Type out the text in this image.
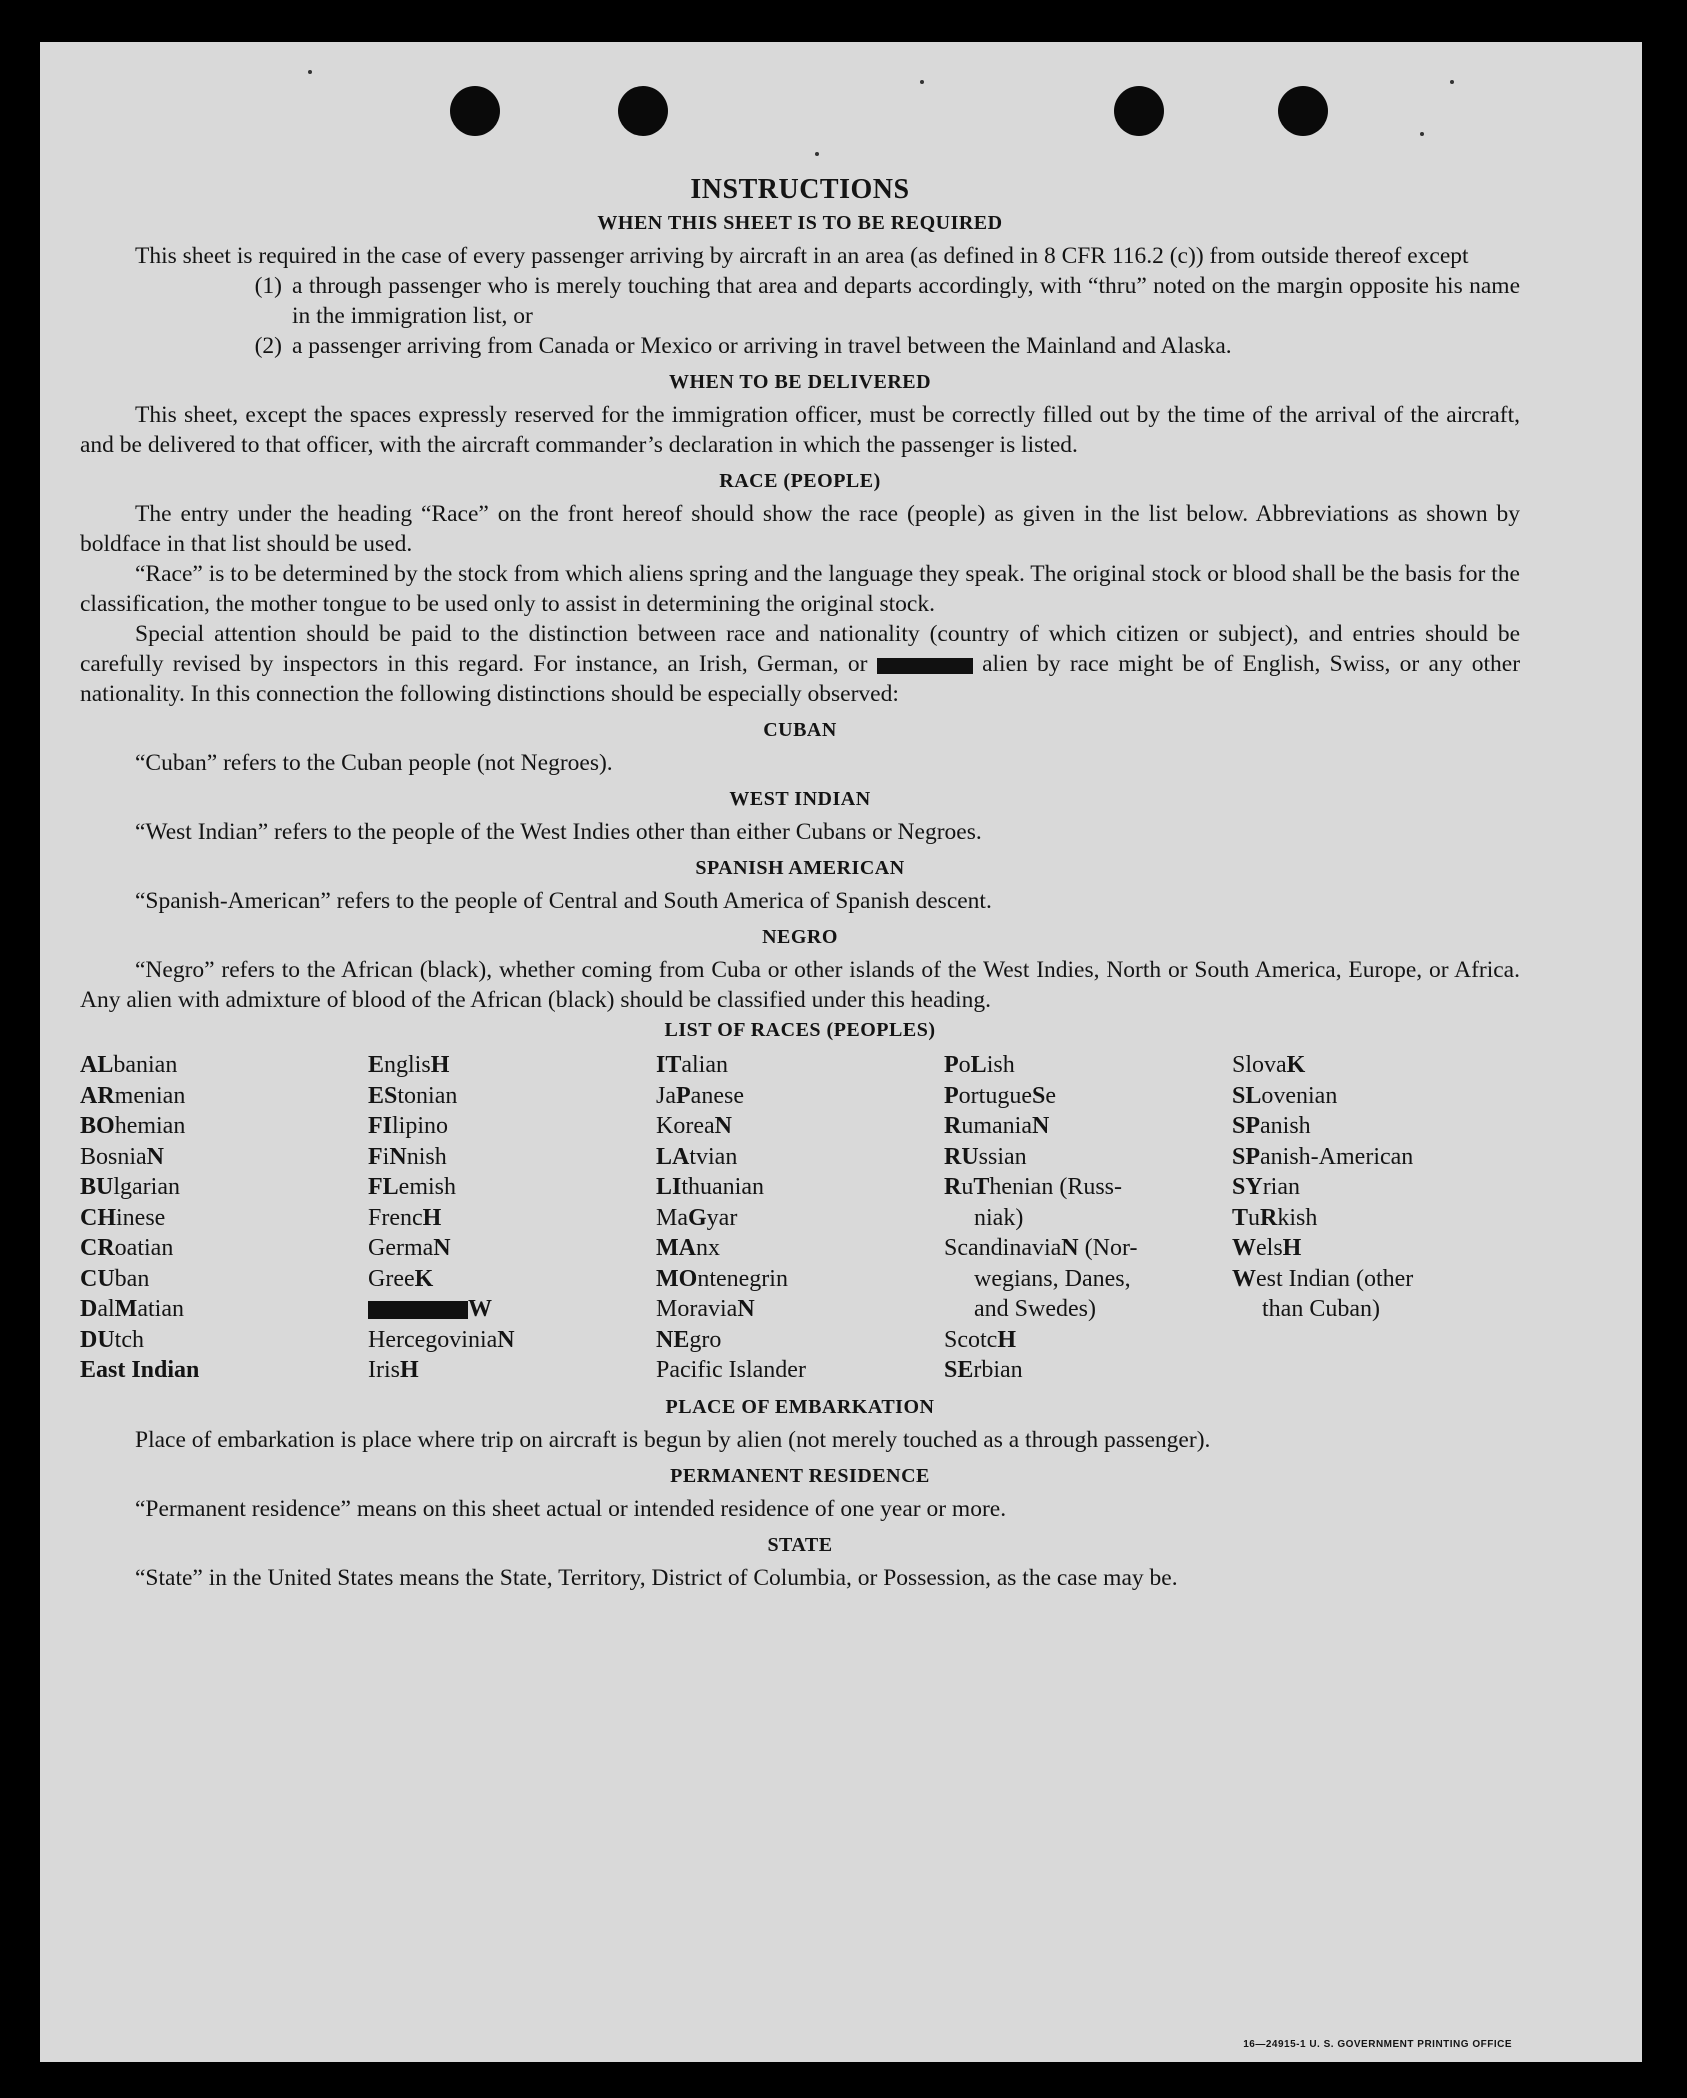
INSTRUCTIONS
WHEN THIS SHEET IS TO BE REQUIRED

This sheet is required in the case of every passenger arriving by aircraft in an area (as defined in 8 CFR 116.2 (c)) from outside thereof except

(1) a through passenger who is merely touching that area and departs accordingly, with “thru” noted on the margin opposite his name in the immigration list, or
(2) a passenger arriving from Canada or Mexico or arriving in travel between the Mainland and Alaska.
WHEN TO BE DELIVERED

This sheet, except the spaces expressly reserved for the immigration officer, must be correctly filled out by the time of the arrival of the aircraft, and be delivered to that officer, with the aircraft commander’s declaration in which the passenger is listed.

RACE (PEOPLE)

The entry under the heading “Race” on the front hereof should show the race (people) as given in the list below. Abbreviations as shown by boldface in that list should be used.

“Race” is to be determined by the stock from which aliens spring and the language they speak. The original stock or blood shall be the basis for the classification, the mother tongue to be used only to assist in determining the original stock.

Special attention should be paid to the distinction between race and nationality (country of which citizen or subject), and entries should be carefully revised by inspectors in this regard. For instance, an Irish, German, or	alien by race might be of English, Swiss, or any other nationality. In this connection the following distinctions should be especially observed:

CUBAN

“Cuban” refers to the Cuban people (not Negroes).

WEST INDIAN

“West Indian” refers to the people of the West Indies other than either Cubans or Negroes.

SPANISH AMERICAN

“Spanish-American” refers to the people of Central and South America of Spanish descent.

NEGRO

“Negro” refers to the African (black), whether coming from Cuba or other islands of the West Indies, North or South America, Europe, or Africa. Any alien with admixture of blood of the African (black) should be classified under this heading.

LIST OF RACES (PEOPLES)
ALbanian
ARmenian
BOhemian
BosniaN
BUlgarian
CHinese
CRoatian
CUban
DalMatian
DUtch
East Indian
EnglisH
EStonian
FIlipino
FiNnish
FLemish
FrencH
GermaN
GreeK
W
HercegoviniaN
IrisH
ITalian
JaPanese
KoreaN
LAtvian
LIthuanian
MaGyar
MAnx
MOntenegrin
MoraviaN
NEgro
Pacific Islander
PoLish
PortugueSe
RumaniaN
RUssian
RuThenian (Russ-
niak)
ScandinaviaN (Nor-
wegians, Danes,
and Swedes)
ScotcH
SErbian
SlovaK
SLovenian
SPanish
SPanish-American
SYrian
TuRkish
WelsH
West Indian (other
than Cuban)
PLACE OF EMBARKATION

Place of embarkation is place where trip on aircraft is begun by alien (not merely touched as a through passenger).

PERMANENT RESIDENCE

“Permanent residence” means on this sheet actual or intended residence of one year or more.

STATE

“State” in the United States means the State, Territory, District of Columbia, or Possession, as the case may be.

16—24915-1 U. S. GOVERNMENT PRINTING OFFICE
